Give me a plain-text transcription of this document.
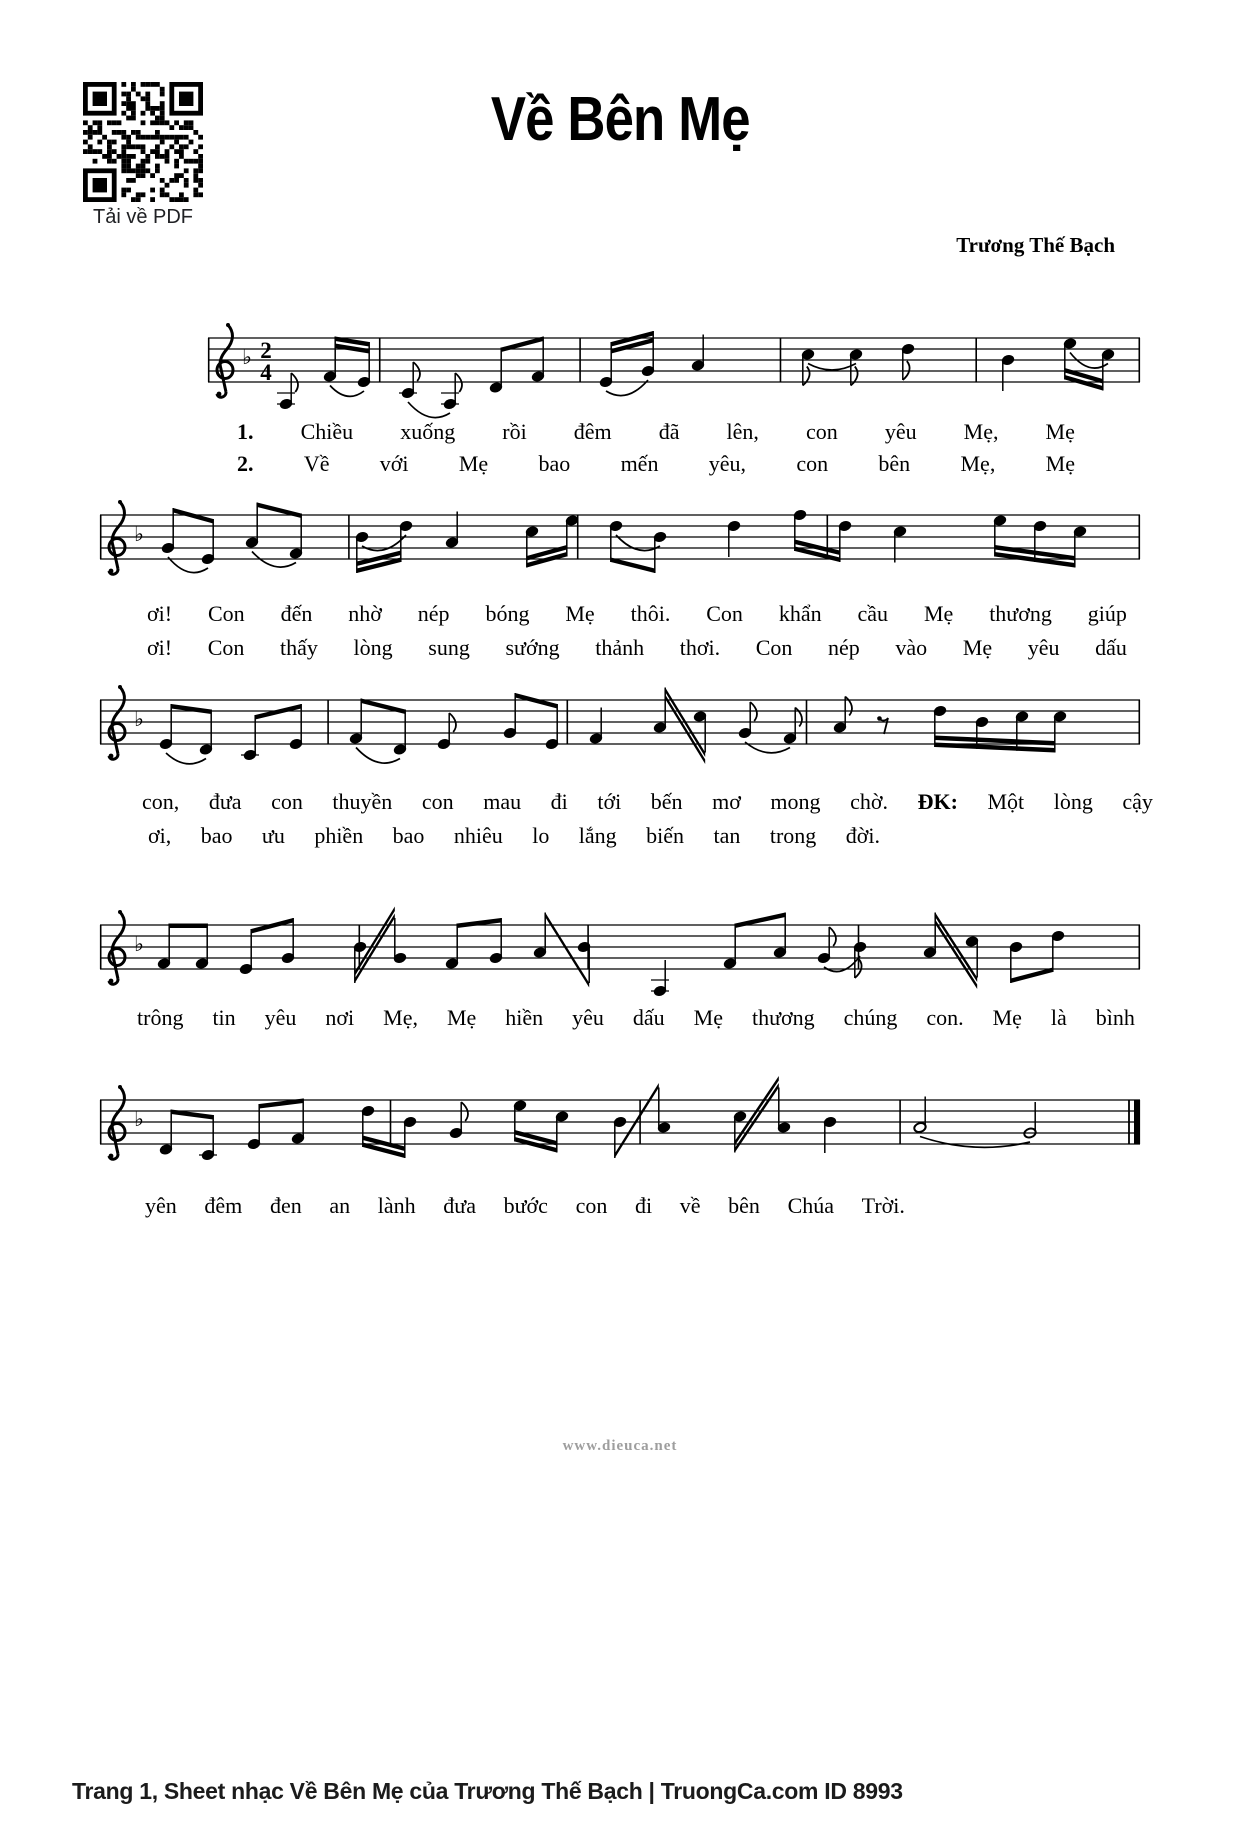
Tải về PDF
Về Bên Mẹ
Trương Thế Bạch
♭ 2
4
♭
♭
♭
♭
1. Chiều xuống rồi đêm đã lên, con yêu Mẹ, Mẹ
2. Về với Mẹ bao mến yêu, con bên Mẹ, Mẹ
ơi! Con đến nhờ nép bóng Mẹ thôi. Con khẩn cầu Mẹ thương giúp
ơi! Con thấy lòng sung sướng thảnh thơi. Con nép vào Mẹ yêu dấu
con, đưa con thuyền con mau đi tới bến mơ mong chờ. ĐK: Một lòng cậy
ơi, bao ưu phiền bao nhiêu lo lắng biến tan trong đời.
trông tin yêu nơi Mẹ, Mẹ hiền yêu dấu Mẹ thương chúng con. Mẹ là bình
yên đêm đen an lành đưa bước con đi về bên Chúa Trời.
www.dieuca.net
Trang 1, Sheet nhạc Về Bên Mẹ của Trương Thế Bạch | TruongCa.com ID 8993
